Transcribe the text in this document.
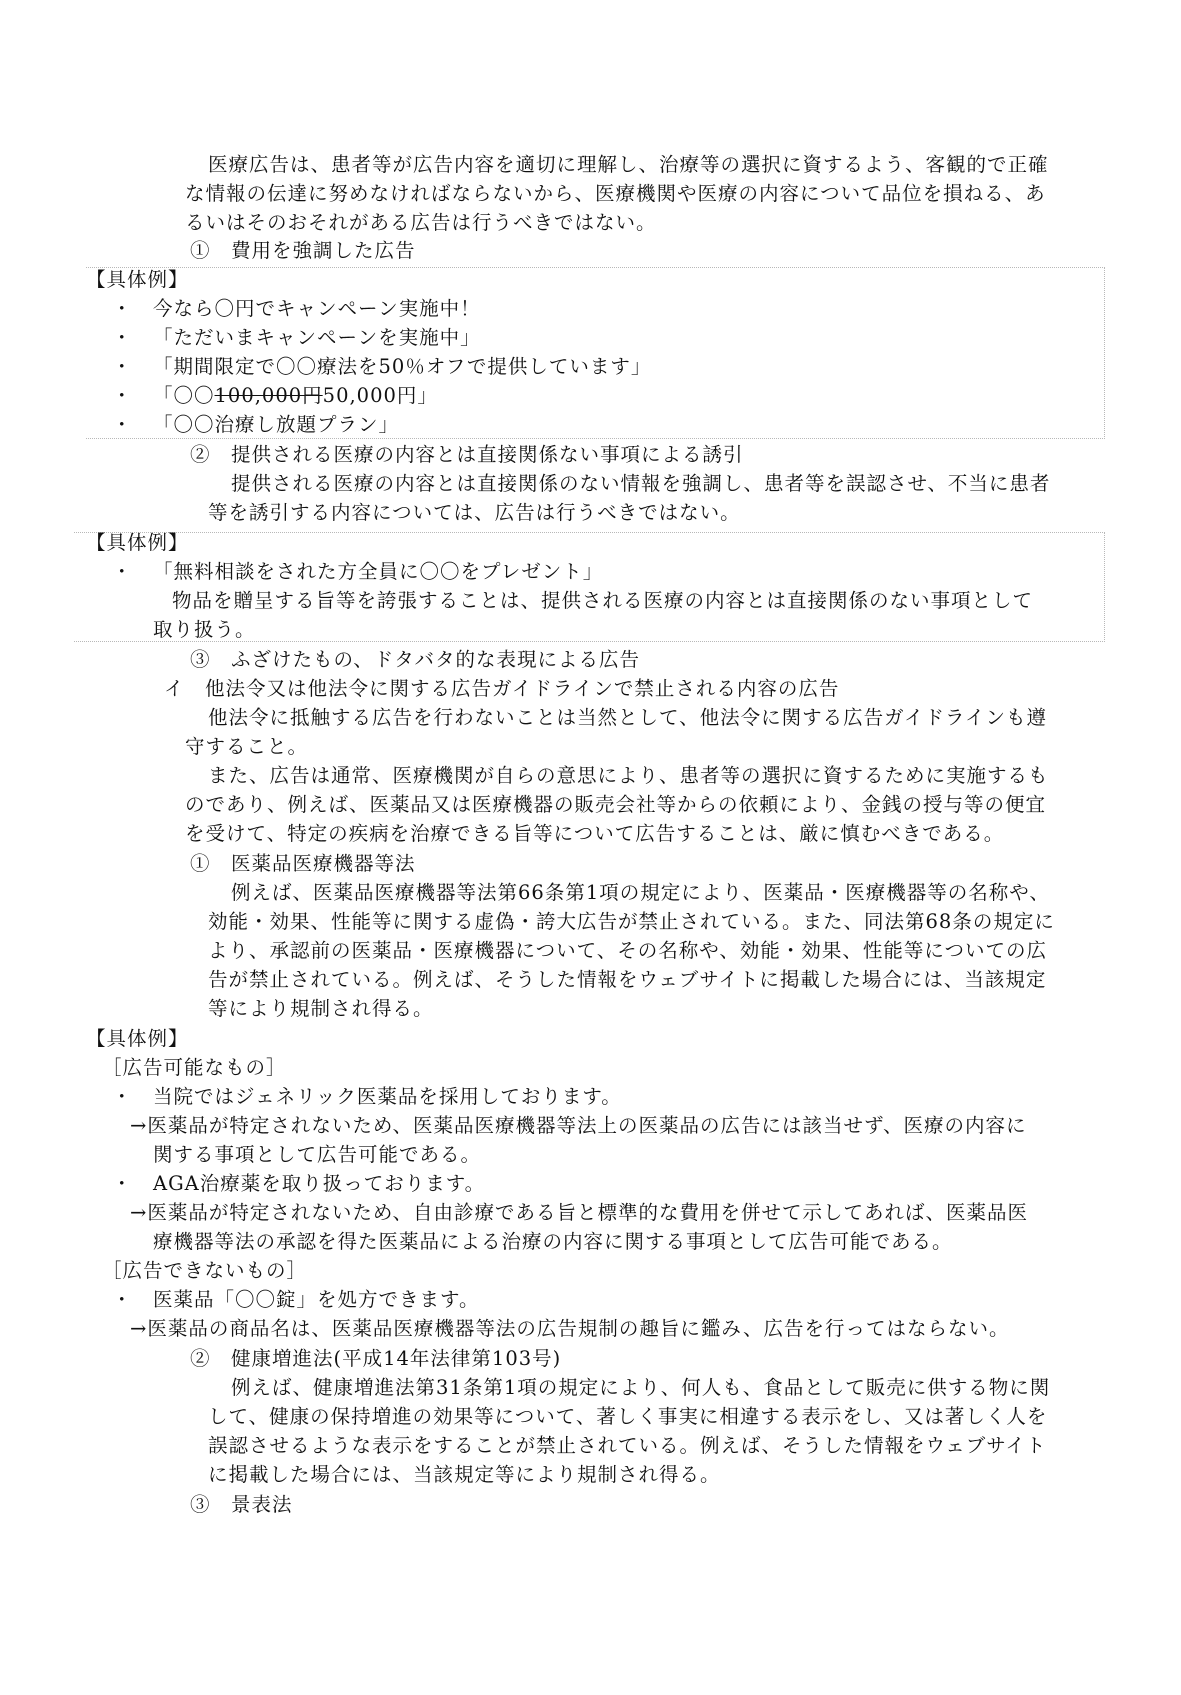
医療広告は、患者等が広告内容を適切に理解し、治療等の選択に資するよう、客観的で正確
な情報の伝達に努めなければならないから、医療機関や医療の内容について品位を損ねる、あ
るいはそのおそれがある広告は行うべきではない。
①　費用を強調した広告
【具体例】
・ 今なら〇円でキャンペーン実施中！
・ 「ただいまキャンペーンを実施中」
・ 「期間限定で〇〇療法を50％オフで提供しています」
・ 「〇〇100,000円50,000円」
・ 「〇〇治療し放題プラン」
②　提供される医療の内容とは直接関係ない事項による誘引
提供される医療の内容とは直接関係のない情報を強調し、患者等を誤認させ、不当に患者
等を誘引する内容については、広告は行うべきではない。
【具体例】
・ 「無料相談をされた方全員に〇〇をプレゼント」
物品を贈呈する旨等を誇張することは、提供される医療の内容とは直接関係のない事項として
取り扱う。
③　ふざけたもの、ドタバタ的な表現による広告
イ　他法令又は他法令に関する広告ガイドラインで禁止される内容の広告
他法令に抵触する広告を行わないことは当然として、他法令に関する広告ガイドラインも遵
守すること。
また、広告は通常、医療機関が自らの意思により、患者等の選択に資するために実施するも
のであり、例えば、医薬品又は医療機器の販売会社等からの依頼により、金銭の授与等の便宜
を受けて、特定の疾病を治療できる旨等について広告することは、厳に慎むべきである。
①　医薬品医療機器等法
例えば、医薬品医療機器等法第66条第1項の規定により、医薬品・医療機器等の名称や、
効能・効果、性能等に関する虚偽・誇大広告が禁止されている。また、同法第68条の規定に
より、承認前の医薬品・医療機器について、その名称や、効能・効果、性能等についての広
告が禁止されている。例えば、そうした情報をウェブサイトに掲載した場合には、当該規定
等により規制され得る。
【具体例】
［広告可能なもの］
・ 当院ではジェネリック医薬品を採用しております。
→医薬品が特定されないため、医薬品医療機器等法上の医薬品の広告には該当せず、医療の内容に
関する事項として広告可能である。
・ AGA治療薬を取り扱っております。
→医薬品が特定されないため、自由診療である旨と標準的な費用を併せて示してあれば、医薬品医
療機器等法の承認を得た医薬品による治療の内容に関する事項として広告可能である。
［広告できないもの］
・ 医薬品「〇〇錠」を処方できます。
→医薬品の商品名は、医薬品医療機器等法の広告規制の趣旨に鑑み、広告を行ってはならない。
②　健康増進法(平成14年法律第103号)
例えば、健康増進法第31条第1項の規定により、何人も、食品として販売に供する物に関
して、健康の保持増進の効果等について、著しく事実に相違する表示をし、又は著しく人を
誤認させるような表示をすることが禁止されている。例えば、そうした情報をウェブサイト
に掲載した場合には、当該規定等により規制され得る。
③　景表法
